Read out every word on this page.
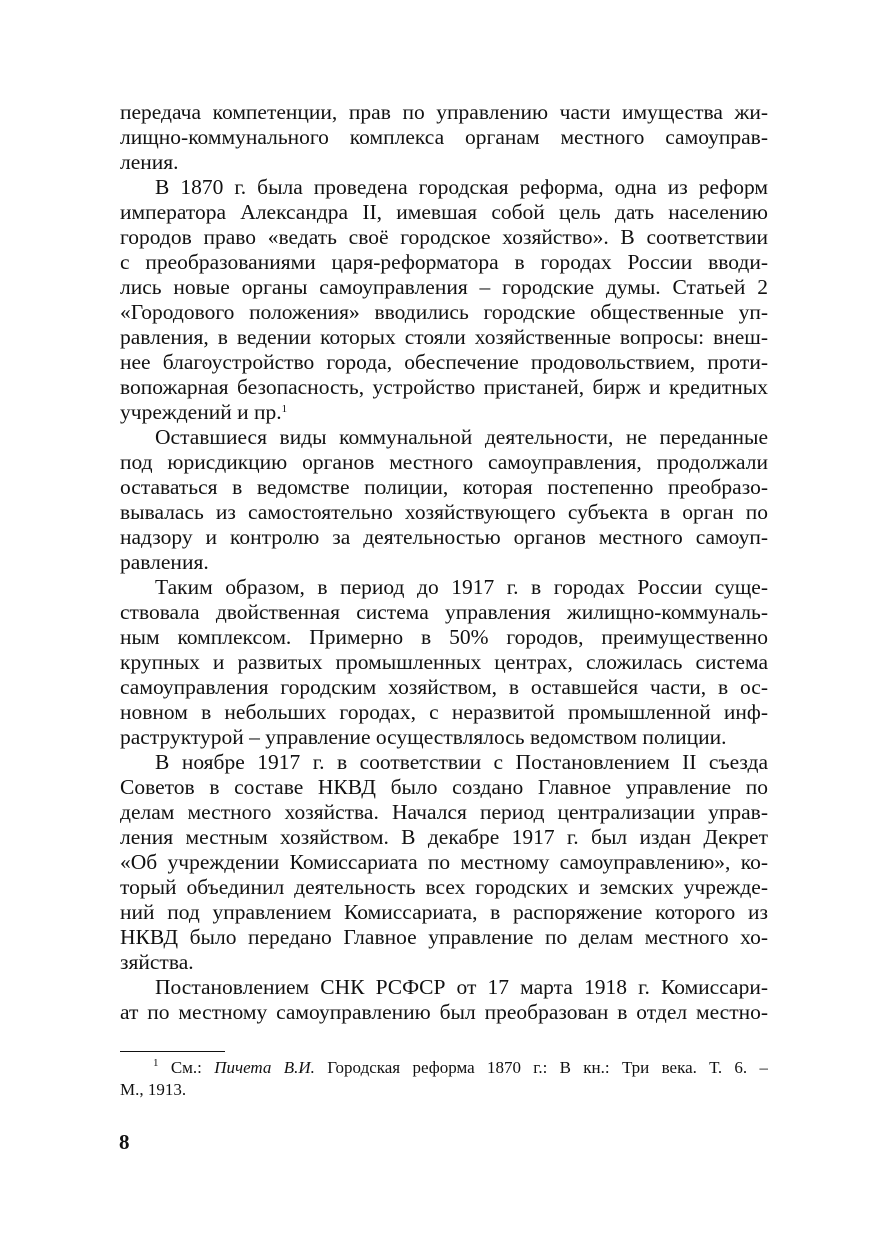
передача компетенции, прав по управлению части имущества жи-
лищно-коммунального комплекса органам местного самоуправ-
ления.
В 1870 г. была проведена городская реформа, одна из реформ
императора Александра II, имевшая собой цель дать населению
городов право «ведать своё городское хозяйство». В соответствии
с преобразованиями царя-реформатора в городах России вводи-
лись новые органы самоуправления – городские думы. Статьей 2
«Городового положения» вводились городские общественные уп-
равления, в ведении которых стояли хозяйственные вопросы: внеш-
нее благоустройство города, обеспечение продовольствием, проти-
вопожарная безопасность, устройство пристаней, бирж и кредитных
учреждений и пр.$^1$
Оставшиеся виды коммунальной деятельности, не переданные
под юрисдикцию органов местного самоуправления, продолжали
оставаться в ведомстве полиции, которая постепенно преобразо-
вывалась из самостоятельно хозяйствующего субъекта в орган по
надзору и контролю за деятельностью органов местного самоуп-
равления.
Таким образом, в период до 1917 г. в городах России суще-
ствовала двойственная система управления жилищно-коммуналь-
ным комплексом. Примерно в 50% городов, преимущественно
крупных и развитых промышленных центрах, сложилась система
самоуправления городским хозяйством, в оставшейся части, в ос-
новном в небольших городах, с неразвитой промышленной инф-
раструктурой – управление осуществлялось ведомством полиции.
В ноябре 1917 г. в соответствии с Постановлением II съезда
Советов в составе НКВД было создано Главное управление по
делам местного хозяйства. Начался период централизации управ-
ления местным хозяйством. В декабре 1917 г. был издан Декрет
«Об учреждении Комиссариата по местному самоуправлению», ко-
торый объединил деятельность всех городских и земских учрежде-
ний под управлением Комиссариата, в распоряжение которого из
НКВД было передано Главное управление по делам местного хо-
зяйства.
Постановлением СНК РСФСР от 17 марта 1918 г. Комиссари-
ат по местному самоуправлению был преобразован в отдел местно-
$^1$ См.: Пичета В.И. Городская реформа 1870 г.: В кн.: Три века. Т. 6. –
М., 1913.
8
